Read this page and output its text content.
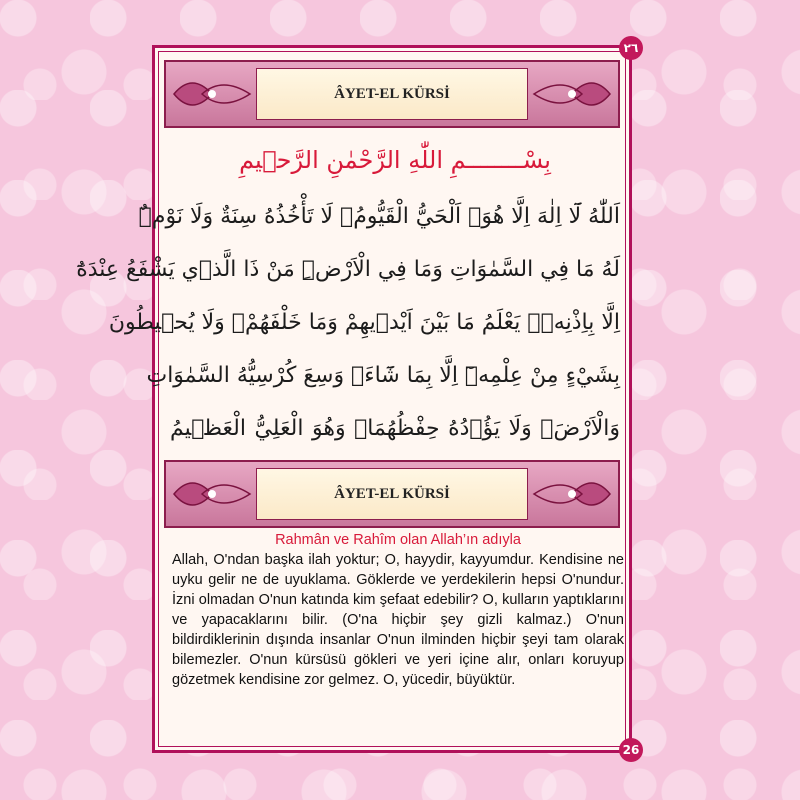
٢٦
ÂYET-EL KÜRSİ
بِسْــــــــمِ اللّٰهِ الرَّحْمٰنِ الرَّح۪يمِ
اَللّٰهُ لَٓا اِلٰهَ اِلَّا هُوَۚ اَلْحَيُّ الْقَيُّومُۚ لَا تَأْخُذُهُ سِنَةٌ وَلَا نَوْمٌۜ
لَهُ مَا فِي السَّمٰوَاتِ وَمَا فِي الْاَرْضِۜ مَنْ ذَا الَّذ۪ي يَشْفَعُ عِنْدَهُٓ
اِلَّا بِاِذْنِه۪ۜ يَعْلَمُ مَا بَيْنَ اَيْد۪يهِمْ وَمَا خَلْفَهُمْۚ وَلَا يُح۪يطُونَ
بِشَيْءٍ مِنْ عِلْمِه۪ٓ اِلَّا بِمَا شَٓاءَۚ وَسِعَ كُرْسِيُّهُ السَّمٰوَاتِ
وَالْاَرْضَۚ وَلَا يَؤُ۫دُهُ حِفْظُهُمَاۚ وَهُوَ الْعَلِيُّ الْعَظ۪يمُ
ÂYET-EL KÜRSİ
Rahmân ve Rahîm olan Allah’ın adıyla
Allah, O'ndan başka ilah yoktur; O, hayydir, kayyumdur. Kendisine ne uyku gelir ne de uyuklama. Göklerde ve yerdekilerin hepsi O'nundur. İzni olmadan O'nun katında kim şefaat edebilir? O, kulların yaptıklarını ve yapacaklarını bilir. (O'na hiçbir şey gizli kalmaz.) O'nun bildirdiklerinin dışında insanlar O'nun ilminden hiçbir şeyi tam olarak bilemezler. O'nun kürsüsü gökleri ve yeri içine alır, onları koruyup gözetmek kendisine zor gelmez. O, yücedir, büyüktür.
26
